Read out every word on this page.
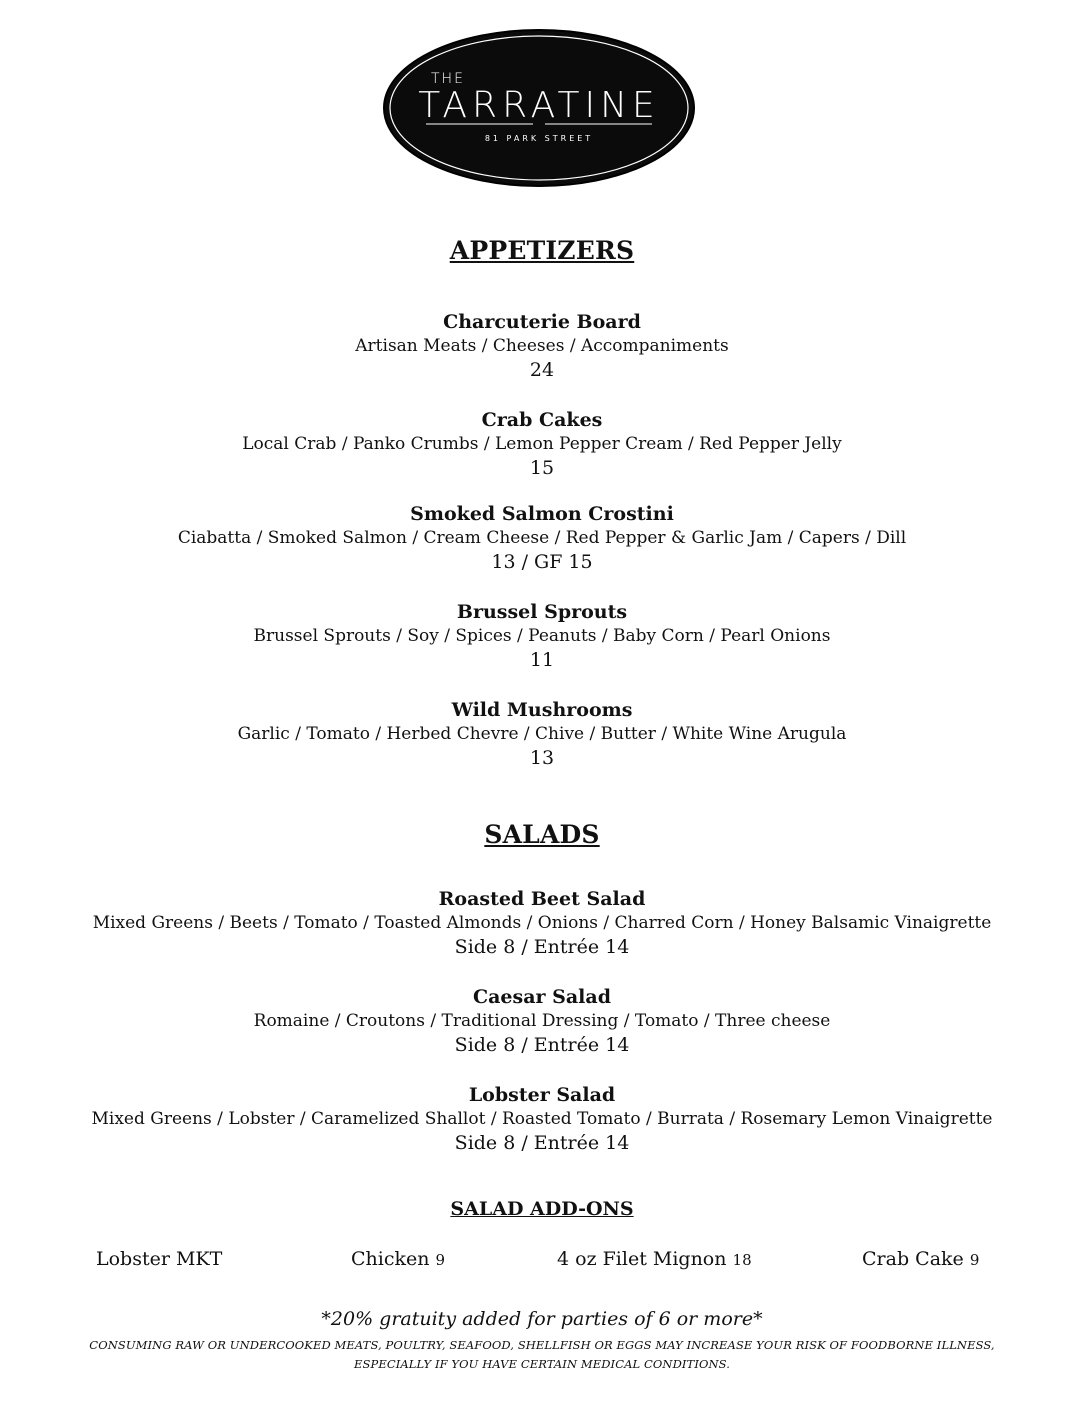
THE
TARRATINE
81 PARK STREET
APPETIZERS
Charcuterie Board
Artisan Meats / Cheeses / Accompaniments
24
Crab Cakes
Local Crab / Panko Crumbs / Lemon Pepper Cream / Red Pepper Jelly
15
Smoked Salmon Crostini
Ciabatta / Smoked Salmon / Cream Cheese / Red Pepper & Garlic Jam / Capers / Dill
13 / GF 15
Brussel Sprouts
Brussel Sprouts / Soy / Spices / Peanuts / Baby Corn / Pearl Onions
11
Wild Mushrooms
Garlic / Tomato / Herbed Chevre / Chive / Butter / White Wine Arugula
13
SALADS
Roasted Beet Salad
Mixed Greens / Beets / Tomato / Toasted Almonds / Onions / Charred Corn / Honey Balsamic Vinaigrette
Side 8 / Entrée 14
Caesar Salad
Romaine / Croutons / Traditional Dressing / Tomato / Three cheese
Side 8 / Entrée 14
Lobster Salad
Mixed Greens / Lobster / Caramelized Shallot / Roasted Tomato / Burrata / Rosemary Lemon Vinaigrette
Side 8 / Entrée 14
SALAD ADD-ONS
Lobster MKT	Chicken 9	4 oz Filet Mignon 18	Crab Cake 9
*20% gratuity added for parties of 6 or more*
CONSUMING RAW OR UNDERCOOKED MEATS, POULTRY, SEAFOOD, SHELLFISH OR EGGS MAY INCREASE YOUR RISK OF FOODBORNE ILLNESS,
ESPECIALLY IF YOU HAVE CERTAIN MEDICAL CONDITIONS.
